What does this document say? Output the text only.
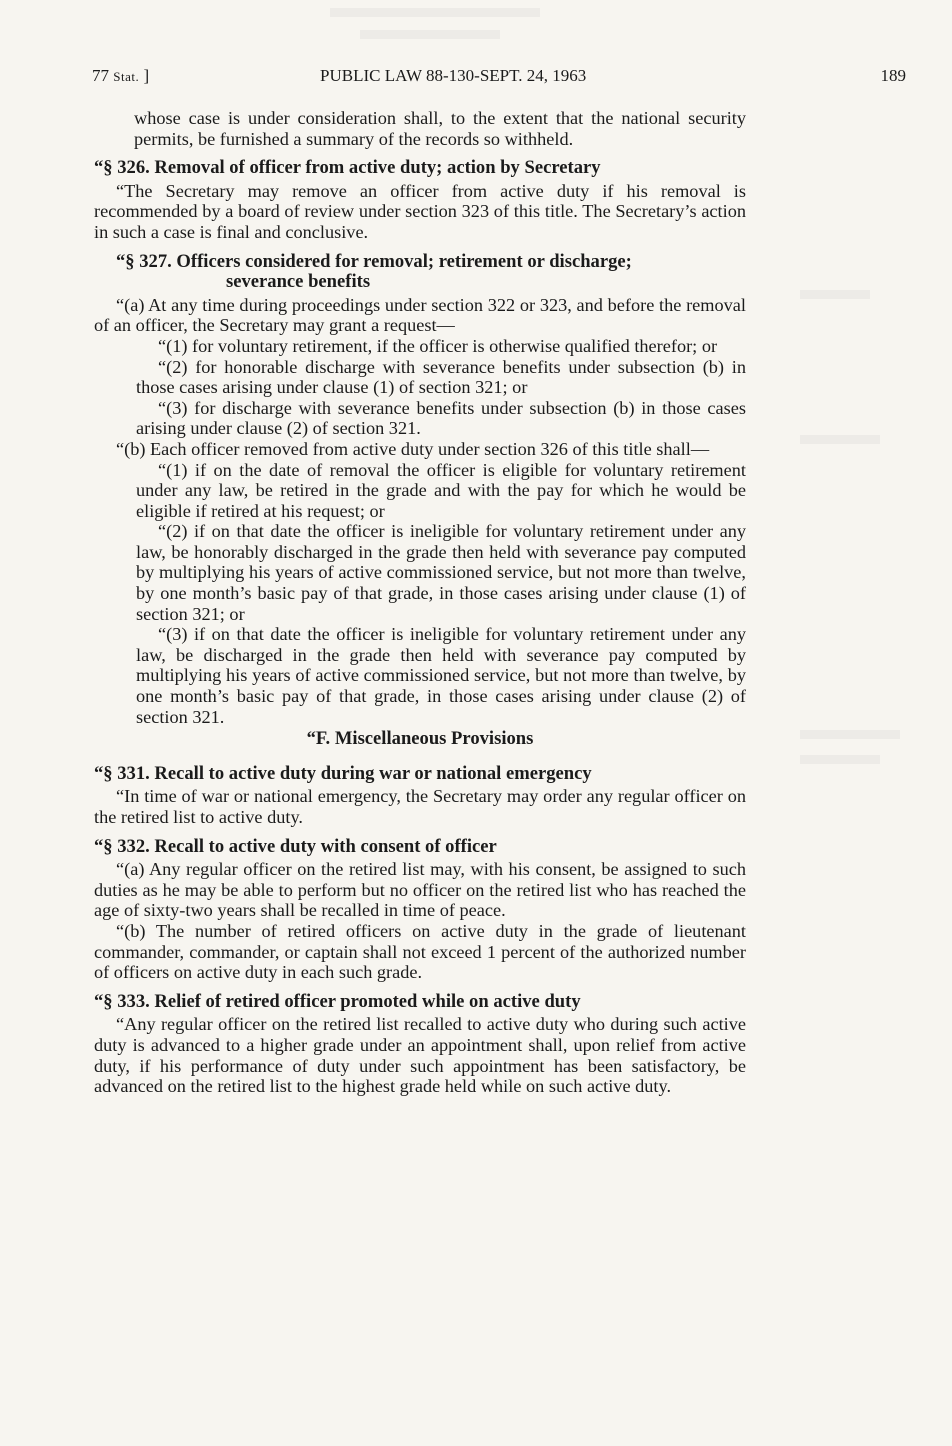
77 Stat. ]	PUBLIC LAW 88-130-SEPT. 24, 1963	189

whose case is under consideration shall, to the extent that the national security permits, be furnished a summary of the records so withheld.

“§ 326. Removal of officer from active duty; action by Secretary

“The Secretary may remove an officer from active duty if his removal is recommended by a board of review under section 323 of this title. The Secretary’s action in such a case is final and conclusive.

“§ 327. Officers considered for removal; retirement or discharge;
severance benefits

“(a) At any time during proceedings under section 322 or 323, and before the removal of an officer, the Secretary may grant a request—

“(1) for voluntary retirement, if the officer is otherwise qualified therefor; or

“(2) for honorable discharge with severance benefits under subsection (b) in those cases arising under clause (1) of section 321; or

“(3) for discharge with severance benefits under subsection (b) in those cases arising under clause (2) of section 321.

“(b) Each officer removed from active duty under section 326 of this title shall—

“(1) if on the date of removal the officer is eligible for voluntary retirement under any law, be retired in the grade and with the pay for which he would be eligible if retired at his request; or

“(2) if on that date the officer is ineligible for voluntary retirement under any law, be honorably discharged in the grade then held with severance pay computed by multiplying his years of active commissioned service, but not more than twelve, by one month’s basic pay of that grade, in those cases arising under clause (1) of section 321; or

“(3) if on that date the officer is ineligible for voluntary retirement under any law, be discharged in the grade then held with severance pay computed by multiplying his years of active commissioned service, but not more than twelve, by one month’s basic pay of that grade, in those cases arising under clause (2) of section 321.

“F. Miscellaneous Provisions

“§ 331. Recall to active duty during war or national emergency

“In time of war or national emergency, the Secretary may order any regular officer on the retired list to active duty.

“§ 332. Recall to active duty with consent of officer

“(a) Any regular officer on the retired list may, with his consent, be assigned to such duties as he may be able to perform but no officer on the retired list who has reached the age of sixty-two years shall be recalled in time of peace.

“(b) The number of retired officers on active duty in the grade of lieutenant commander, commander, or captain shall not exceed 1 percent of the authorized number of officers on active duty in each such grade.

“§ 333. Relief of retired officer promoted while on active duty

“Any regular officer on the retired list recalled to active duty who during such active duty is advanced to a higher grade under an appointment shall, upon relief from active duty, if his performance of duty under such appointment has been satisfactory, be advanced on the retired list to the highest grade held while on such active duty.
